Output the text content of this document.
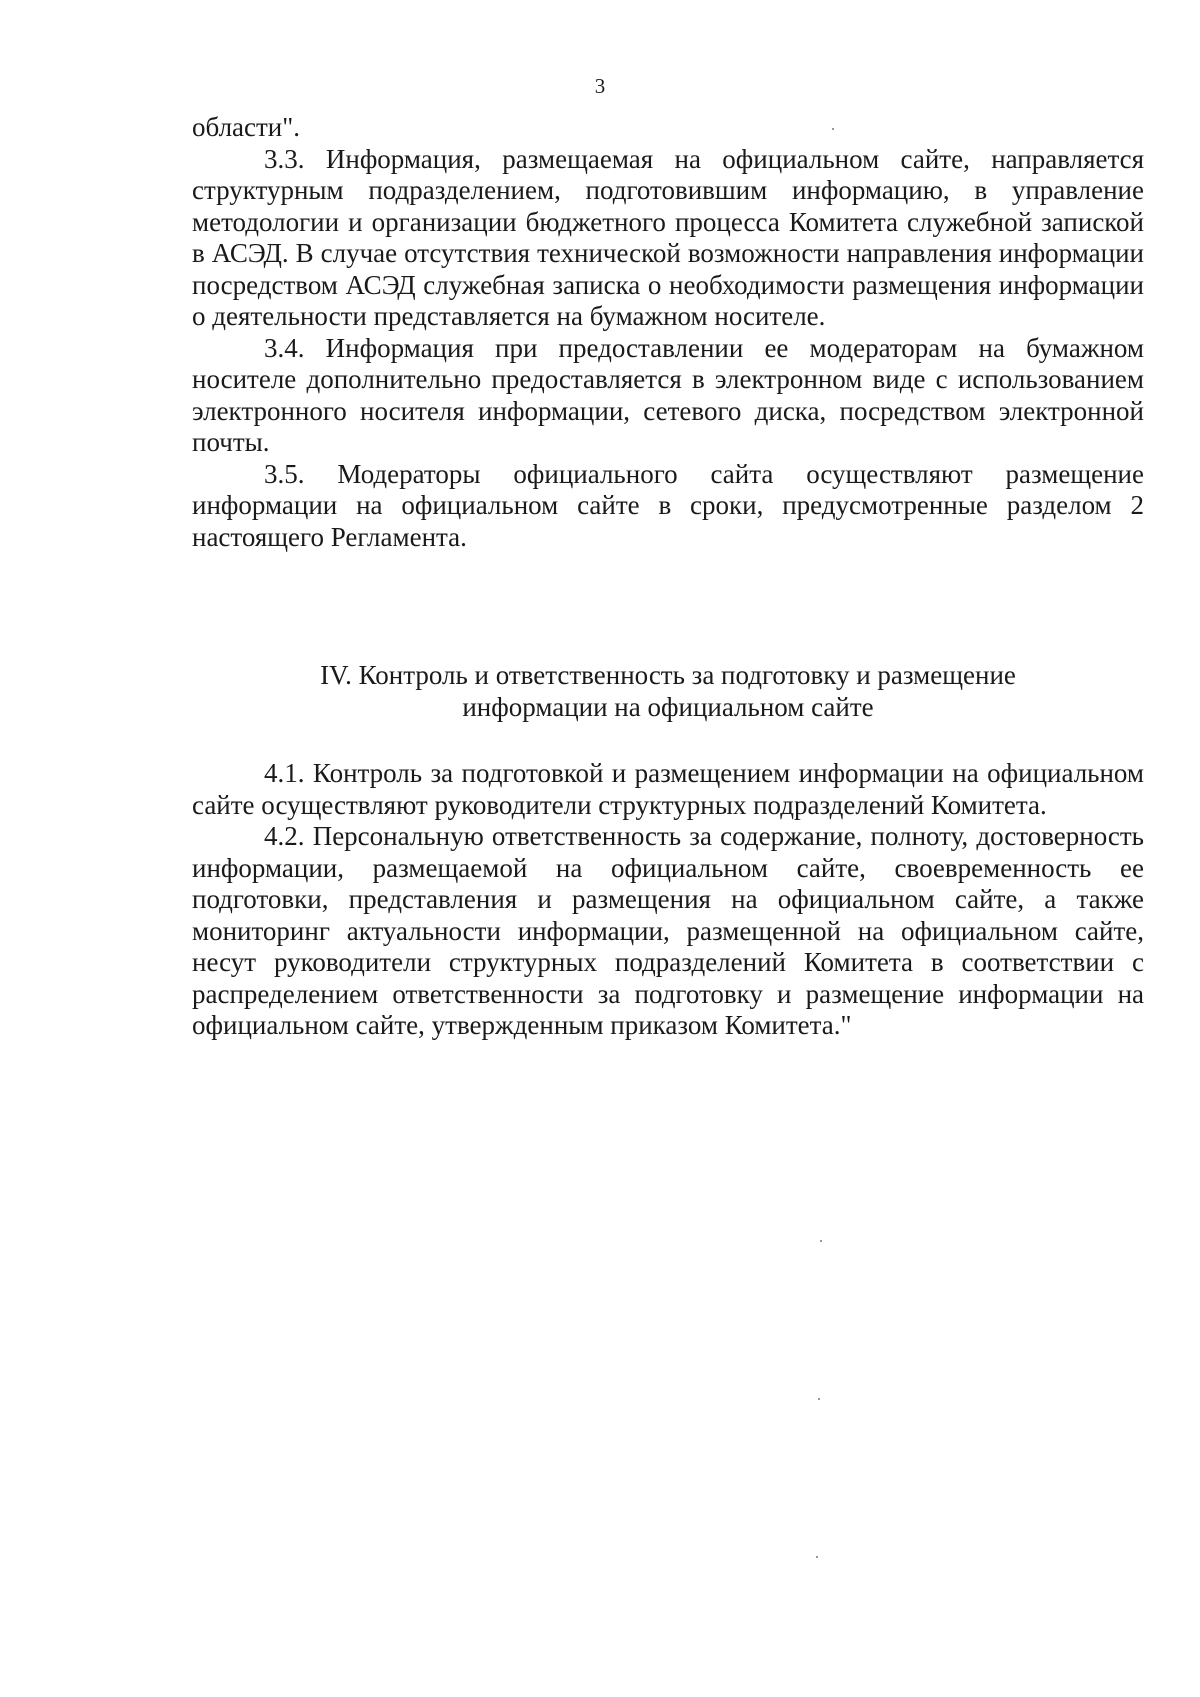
3

области".

3.3. Информация, размещаемая на официальном сайте, направляется структурным подразделением, подготовившим информацию, в управление методологии и организации бюджетного процесса Комитета служебной запиской в АСЭД. В случае отсутствия технической возможности направления информации посредством АСЭД служебная записка о необходимости размещения информации о деятельности представляется на бумажном носителе.

3.4. Информация при предоставлении ее модераторам на бумажном носителе дополнительно предоставляется в электронном виде с использованием электронного носителя информации, сетевого диска, посредством электронной почты.

3.5. Модераторы официального сайта осуществляют размещение информации на официальном сайте в сроки, предусмотренные разделом 2 настоящего Регламента.

IV. Контроль и ответственность за подготовку и размещение
информации на официальном сайте

4.1. Контроль за подготовкой и размещением информации на официальном сайте осуществляют руководители структурных подразделений Комитета.

4.2. Персональную ответственность за содержание, полноту, достоверность информации, размещаемой на официальном сайте, своевременность ее подготовки, представления и размещения на официальном сайте, а также мониторинг актуальности информации, размещенной на официальном сайте, несут руководители структурных подразделений Комитета в соответствии с распределением ответственности за подготовку и размещение информации на официальном сайте, утвержденным приказом Комитета."
